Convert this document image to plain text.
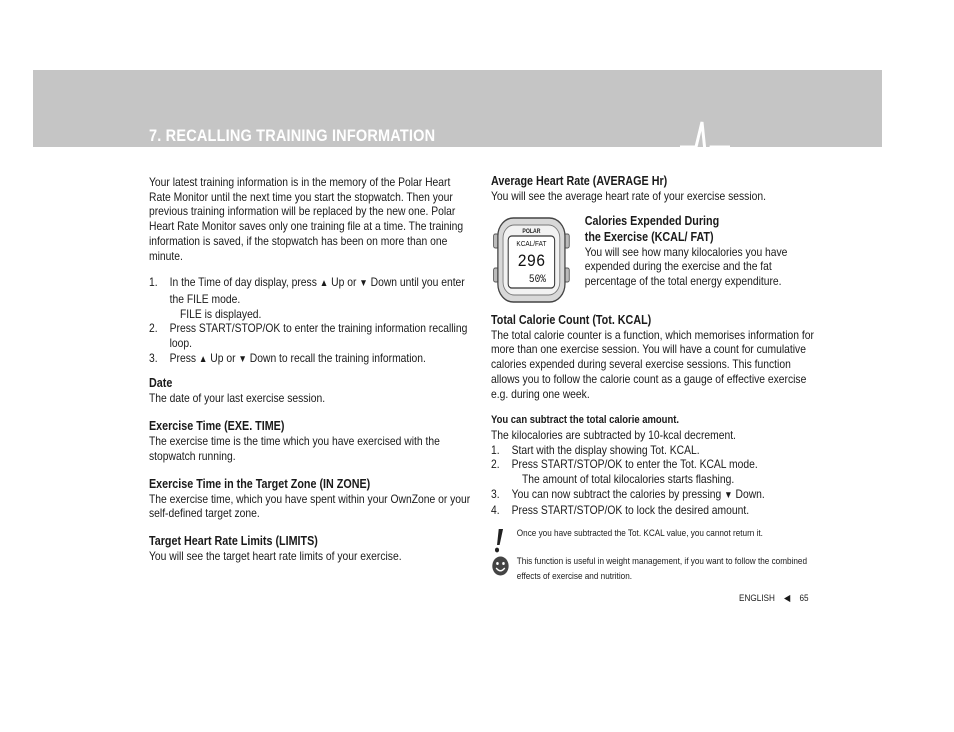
7. RECALLING TRAINING INFORMATION

Your latest training information is in the memory of the Polar Heart Rate Monitor until the next time you start the stopwatch. Then your previous training information will be replaced by the new one. Polar Heart Rate Monitor saves only one training file at a time. The training information is saved, if the stopwatch has been on more than one minute.

1. In the Time of day display, press ▲ Up or ▼ Down until you enter the FILE mode.

FILE is displayed.

2. Press START/STOP/OK to enter the training information recalling loop.
3. Press ▲ Up or ▼ Down to recall the training information.
Date

The date of your last exercise session.

Exercise Time (EXE. TIME)

The exercise time is the time which you have exercised with the stopwatch running.

Exercise Time in the Target Zone (IN ZONE)

The exercise time, which you have spent within your OwnZone or your self-defined target zone.

Target Heart Rate Limits (LIMITS)

You will see the target heart rate limits of your exercise.

Average Heart Rate (AVERAGE Hr)

You will see the average heart rate of your exercise session.

POLAR
KCAL/FAT
296
50%
Calories Expended During
the Exercise (KCAL/ FAT)

You will see how many kilocalories you have expended during the exercise and the fat percentage of the total energy expenditure.

Total Calorie Count (Tot. KCAL)

The total calorie counter is a function, which memorises information for more than one exercise session. You will have a count for cumulative calories expended during several exercise sessions. This function allows you to follow the calorie count as a gauge of effective exercise e.g. during one week.

You can subtract the total calorie amount.

The kilocalories are subtracted by 10-kcal decrement.

1. Start with the display showing Tot. KCAL.
2. Press START/STOP/OK to enter the Tot. KCAL mode.

The amount of total kilocalories starts flashing.

3. You can now subtract the calories by pressing ▼ Down.
4. Press START/STOP/OK to lock the desired amount.
Once you have subtracted the Tot. KCAL value, you cannot return it.
This function is useful in weight management, if you want to follow the combined effects of exercise and nutrition.
ENGLISH ◀ 65
